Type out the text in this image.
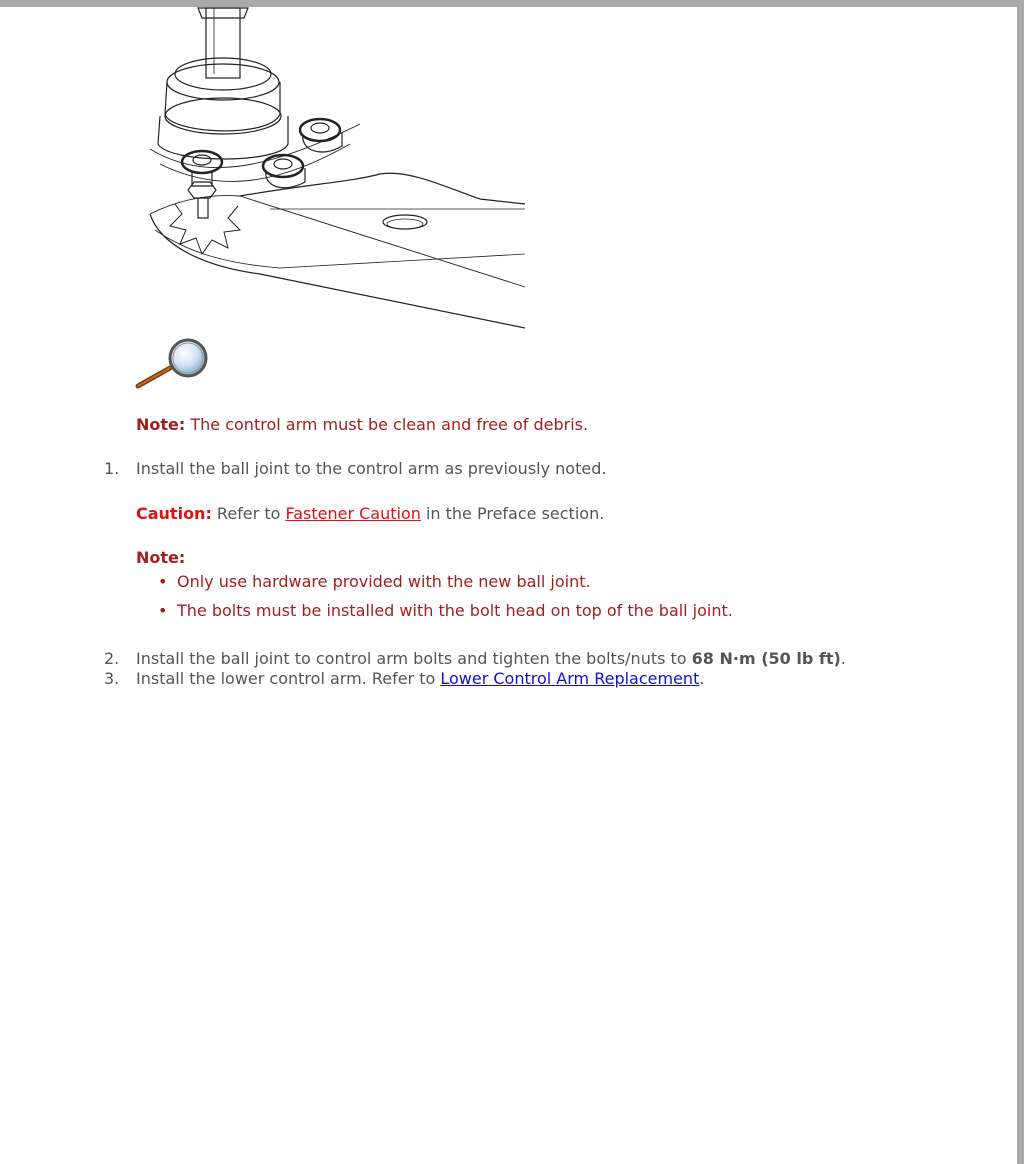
Note: The control arm must be clean and free of debris.
1. Install the ball joint to the control arm as previously noted.
Caution: Refer to Fastener Caution in the Preface section.
Note:
• Only use hardware provided with the new ball joint.
• The bolts must be installed with the bolt head on top of the ball joint.
2. Install the ball joint to control arm bolts and tighten the bolts/nuts to 68 N·m (50 lb ft).
3. Install the lower control arm. Refer to Lower Control Arm Replacement.
